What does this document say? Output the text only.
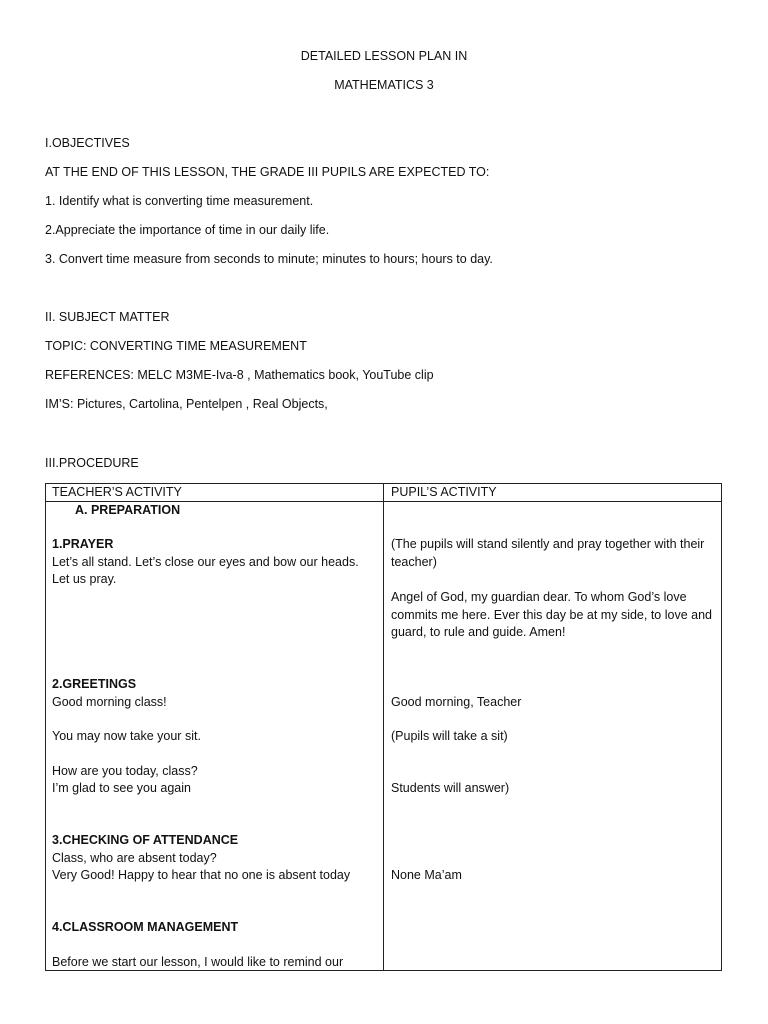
DETAILED LESSON PLAN IN
MATHEMATICS 3
I.OBJECTIVES
AT THE END OF THIS LESSON, THE GRADE III PUPILS ARE EXPECTED TO:
1. Identify what is converting time measurement.
2.Appreciate the importance of time in our daily life.
3. Convert time measure from seconds to minute; minutes to hours; hours to day.
II. SUBJECT MATTER
TOPIC: CONVERTING TIME MEASUREMENT
REFERENCES: MELC M3ME-Iva-8 , Mathematics book, YouTube clip
IM’S: Pictures, Cartolina, Pentelpen , Real Objects,
III.PROCEDURE
TEACHER’S ACTIVITY	PUPIL’S ACTIVITY
A. PREPARATION
1.PRAYER
Let’s all stand. Let’s close our eyes and bow our heads.
Let us pray.
(The pupils will stand silently and pray together with their
teacher)
Angel of God, my guardian dear. To whom God’s love
commits me here. Ever this day be at my side, to love and
guard, to rule and guide. Amen!
2.GREETINGS
Good morning class!
You may now take your sit.
How are you today, class?
I’m glad to see you again
Good morning, Teacher
(Pupils will take a sit)
Students will answer)
3.CHECKING OF ATTENDANCE
Class, who are absent today?
Very Good! Happy to hear that no one is absent today	None Ma’am
4.CLASSROOM MANAGEMENT
Before we start our lesson, I would like to remind our
